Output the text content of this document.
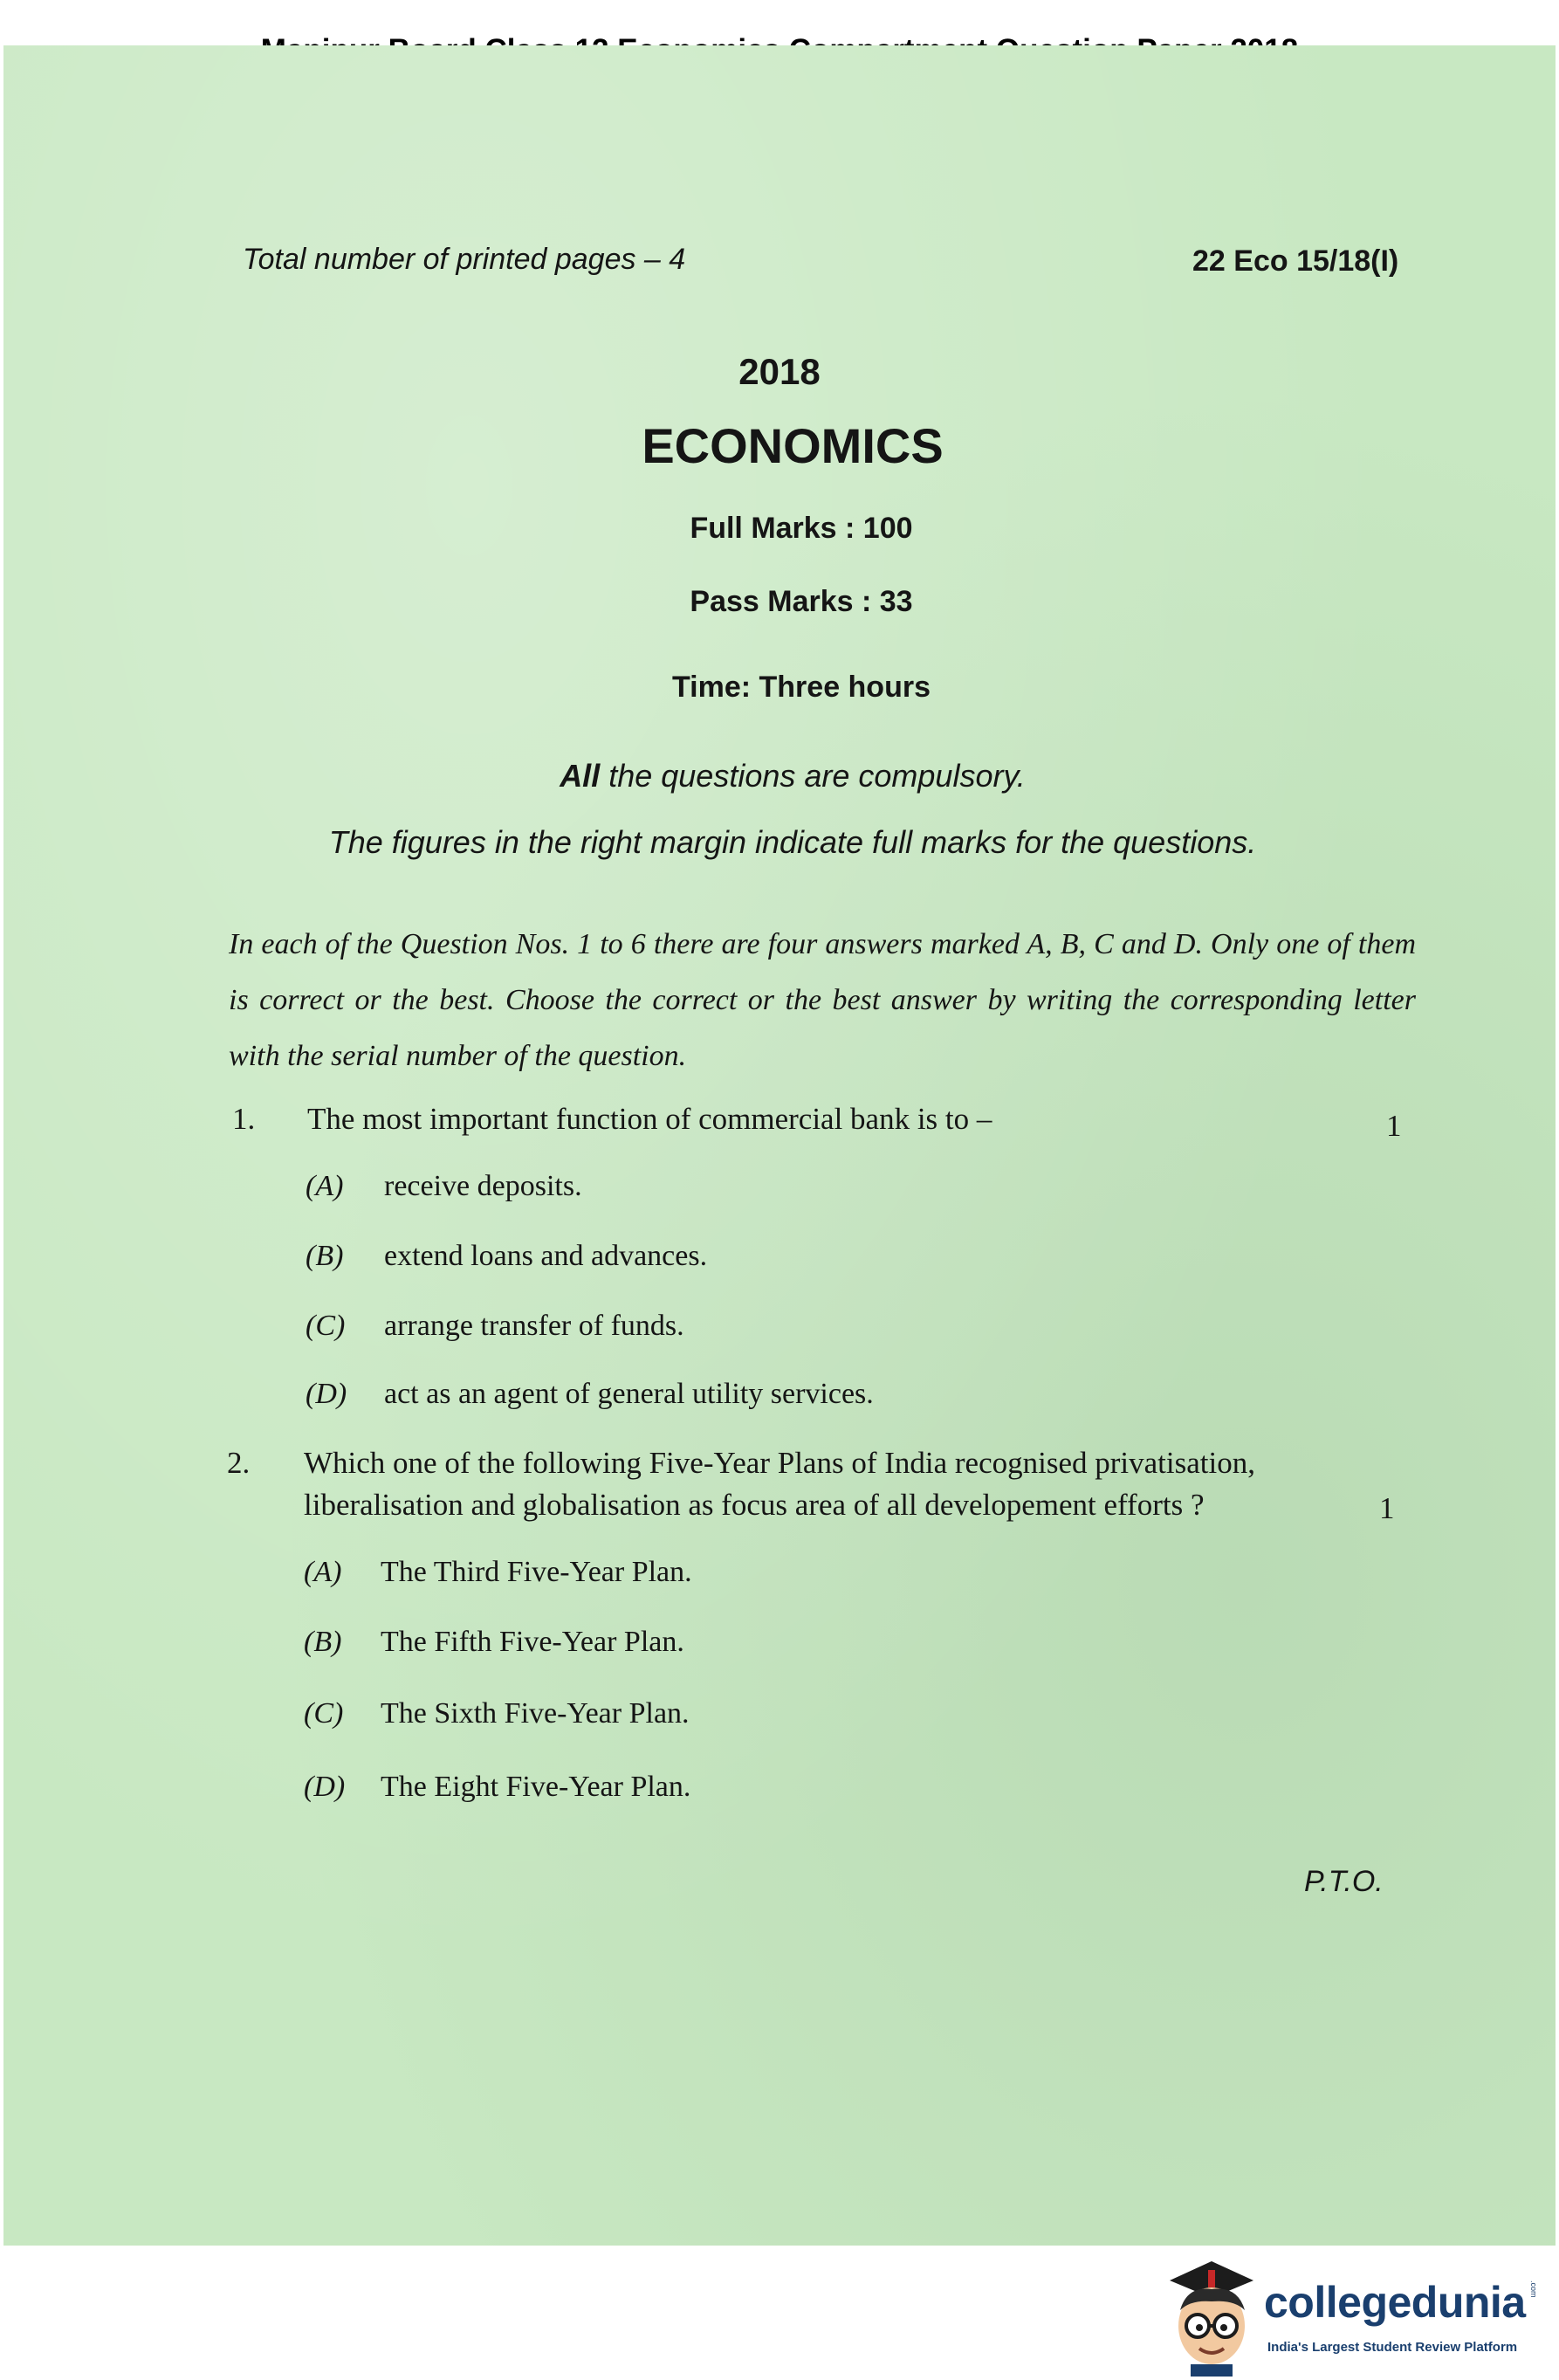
Total number of printed pages – 4	22 Eco 15/18(I)
2018
ECONOMICS
Full Marks : 100
Pass Marks : 33
Time: Three hours
All the questions are compulsory.
The figures in the right margin indicate full marks for the questions.
In each of the Question Nos. 1 to 6 there are four answers marked A, B, C and D. Only one of them is correct or the best. Choose the correct or the best answer by writing the corresponding letter with the serial number of the question.
1. The most important function of commercial bank is to –	1
(A) receive deposits.
(B) extend loans and advances.
(C) arrange transfer of funds.
(D) act as an agent of general utility services.
2. Which one of the following Five-Year Plans of India recognised privatisation,
liberalisation and globalisation as focus area of all developement efforts ?	1
(A) The Third Five-Year Plan.
(B) The Fifth Five-Year Plan.
(C) The Sixth Five-Year Plan.
(D) The Eight Five-Year Plan.
P.T.O.
collegedunia .com
India's Largest Student Review Platform
